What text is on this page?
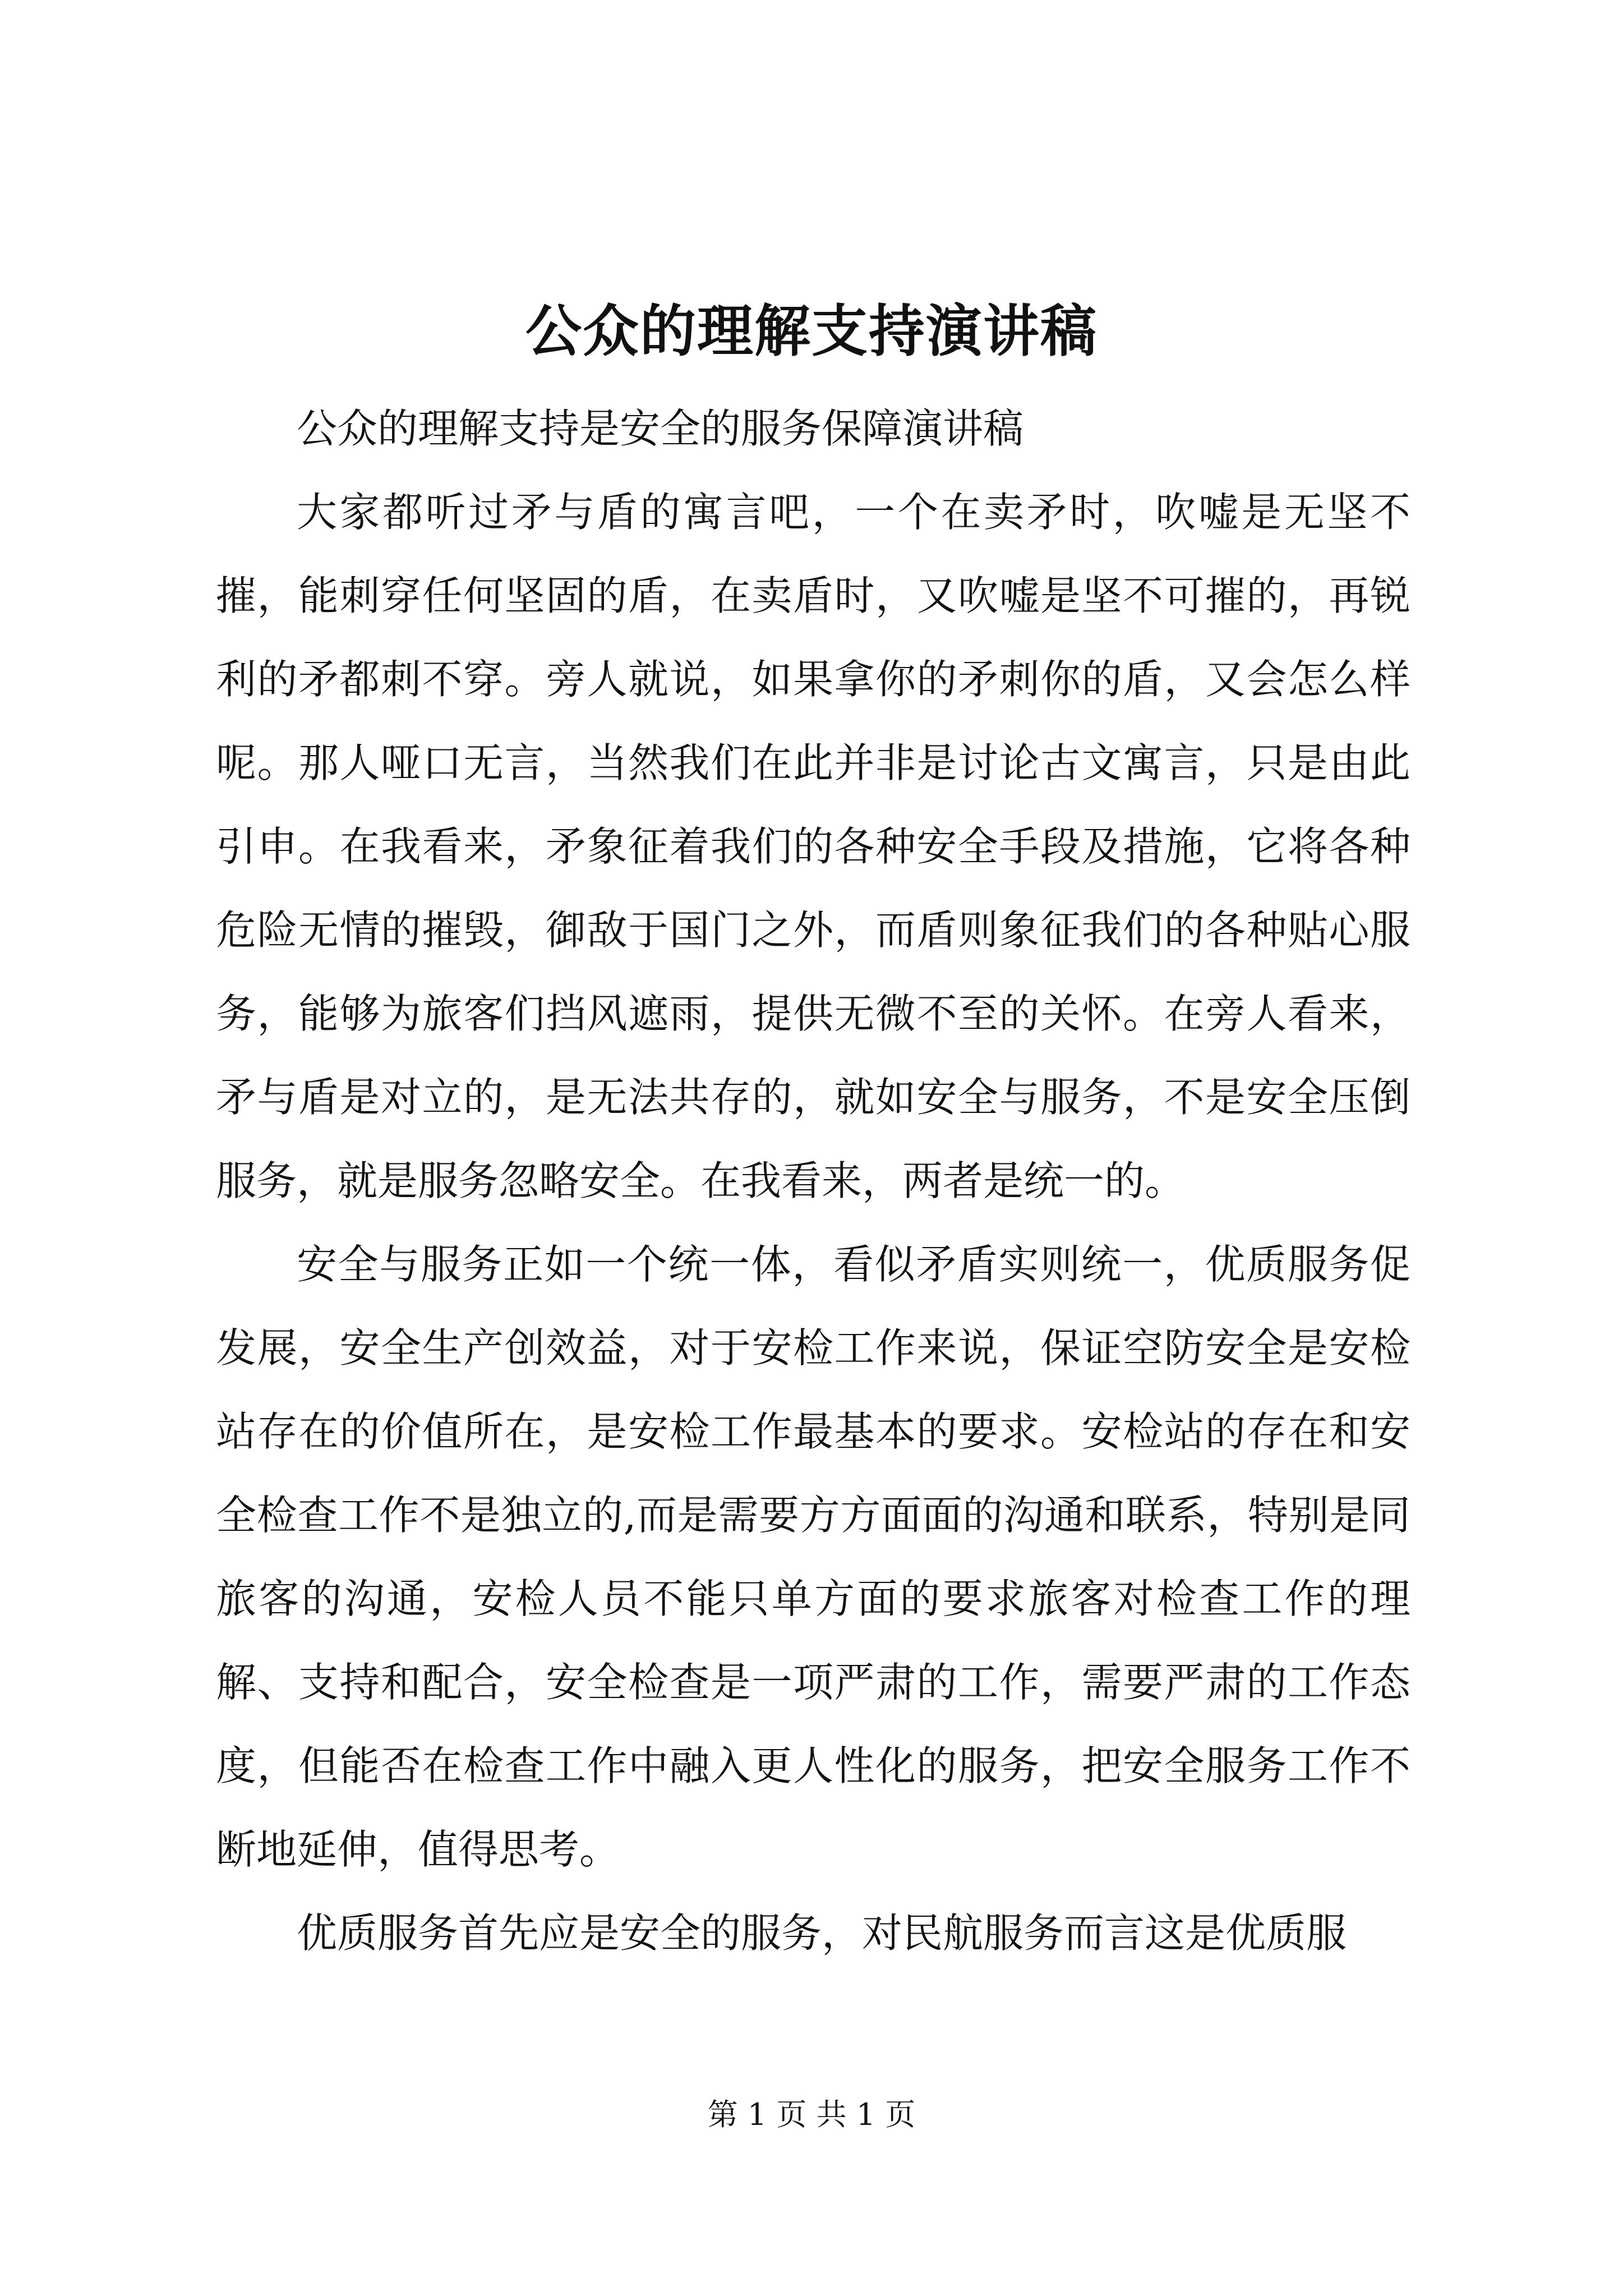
公众的理解支持演讲稿

公众的理解支持是安全的服务保障演讲稿

大家都听过矛与盾的寓言吧，一个在卖矛时，吹嘘是无坚不摧，能刺穿任何坚固的盾，在卖盾时，又吹嘘是坚不可摧的，再锐利的矛都刺不穿。旁人就说，如果拿你的矛刺你的盾，又会怎么样呢。那人哑口无言，当然我们在此并非是讨论古文寓言，只是由此引申。在我看来，矛象征着我们的各种安全手段及措施，它将各种危险无情的摧毁，御敌于国门之外，而盾则象征我们的各种贴心服务，能够为旅客们挡风遮雨，提供无微不至的关怀。在旁人看来，矛与盾是对立的，是无法共存的，就如安全与服务，不是安全压倒服务，就是服务忽略安全。在我看来，两者是统一的。

安全与服务正如一个统一体，看似矛盾实则统一，优质服务促发展，安全生产创效益，对于安检工作来说，保证空防安全是安检站存在的价值所在，是安检工作最基本的要求。安检站的存在和安全检查工作不是独立的,而是需要方方面面的沟通和联系，特别是同旅客的沟通，安检人员不能只单方面的要求旅客对检查工作的理解、支持和配合，安全检查是一项严肃的工作，需要严肃的工作态度，但能否在检查工作中融入更人性化的服务，把安全服务工作不断地延伸，值得思考。

优质服务首先应是安全的服务，对民航服务而言这是优质服

第 1 页 共 1 页
